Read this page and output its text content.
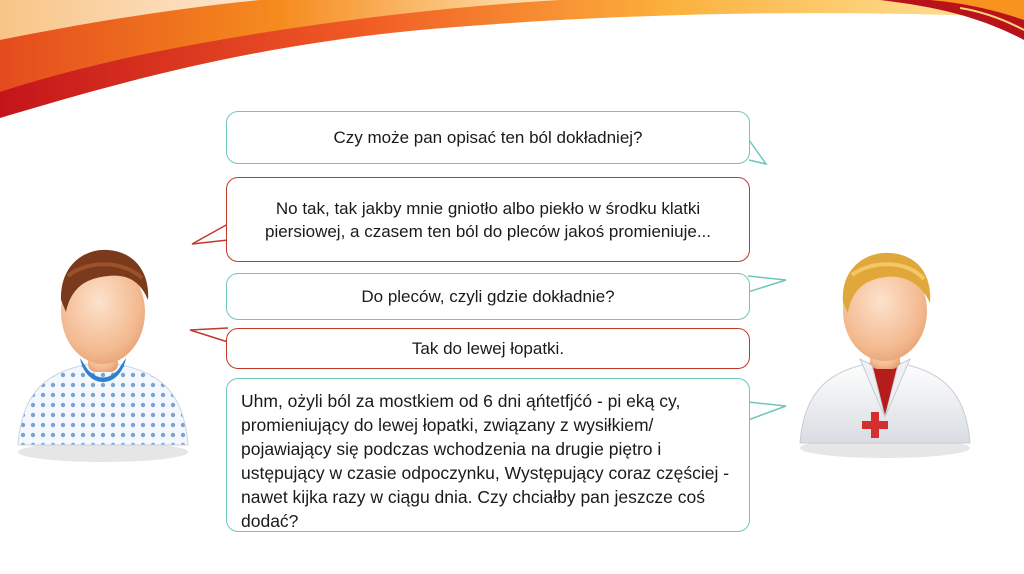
Czy może pan opisać ten ból dokładniej?
No tak, tak jakby mnie gniotło albo piekło w środku klatki piersiowej, a czasem ten ból do pleców jakoś promieniuje...
Do pleców, czyli gdzie dokładnie?
Tak do lewej łopatki.
Uhm, ożyli ból za mostkiem od 6 dni ąńtetfjćó - pi eką cy, promieniujący do lewej łopatki, związany z wysiłkiem/ pojawiający się podczas wchodzenia na drugie piętro i ustępujący w czasie odpoczynku, Występujący coraz częściej - nawet kijka razy w ciągu dnia. Czy chciałby pan jeszcze coś dodać?
